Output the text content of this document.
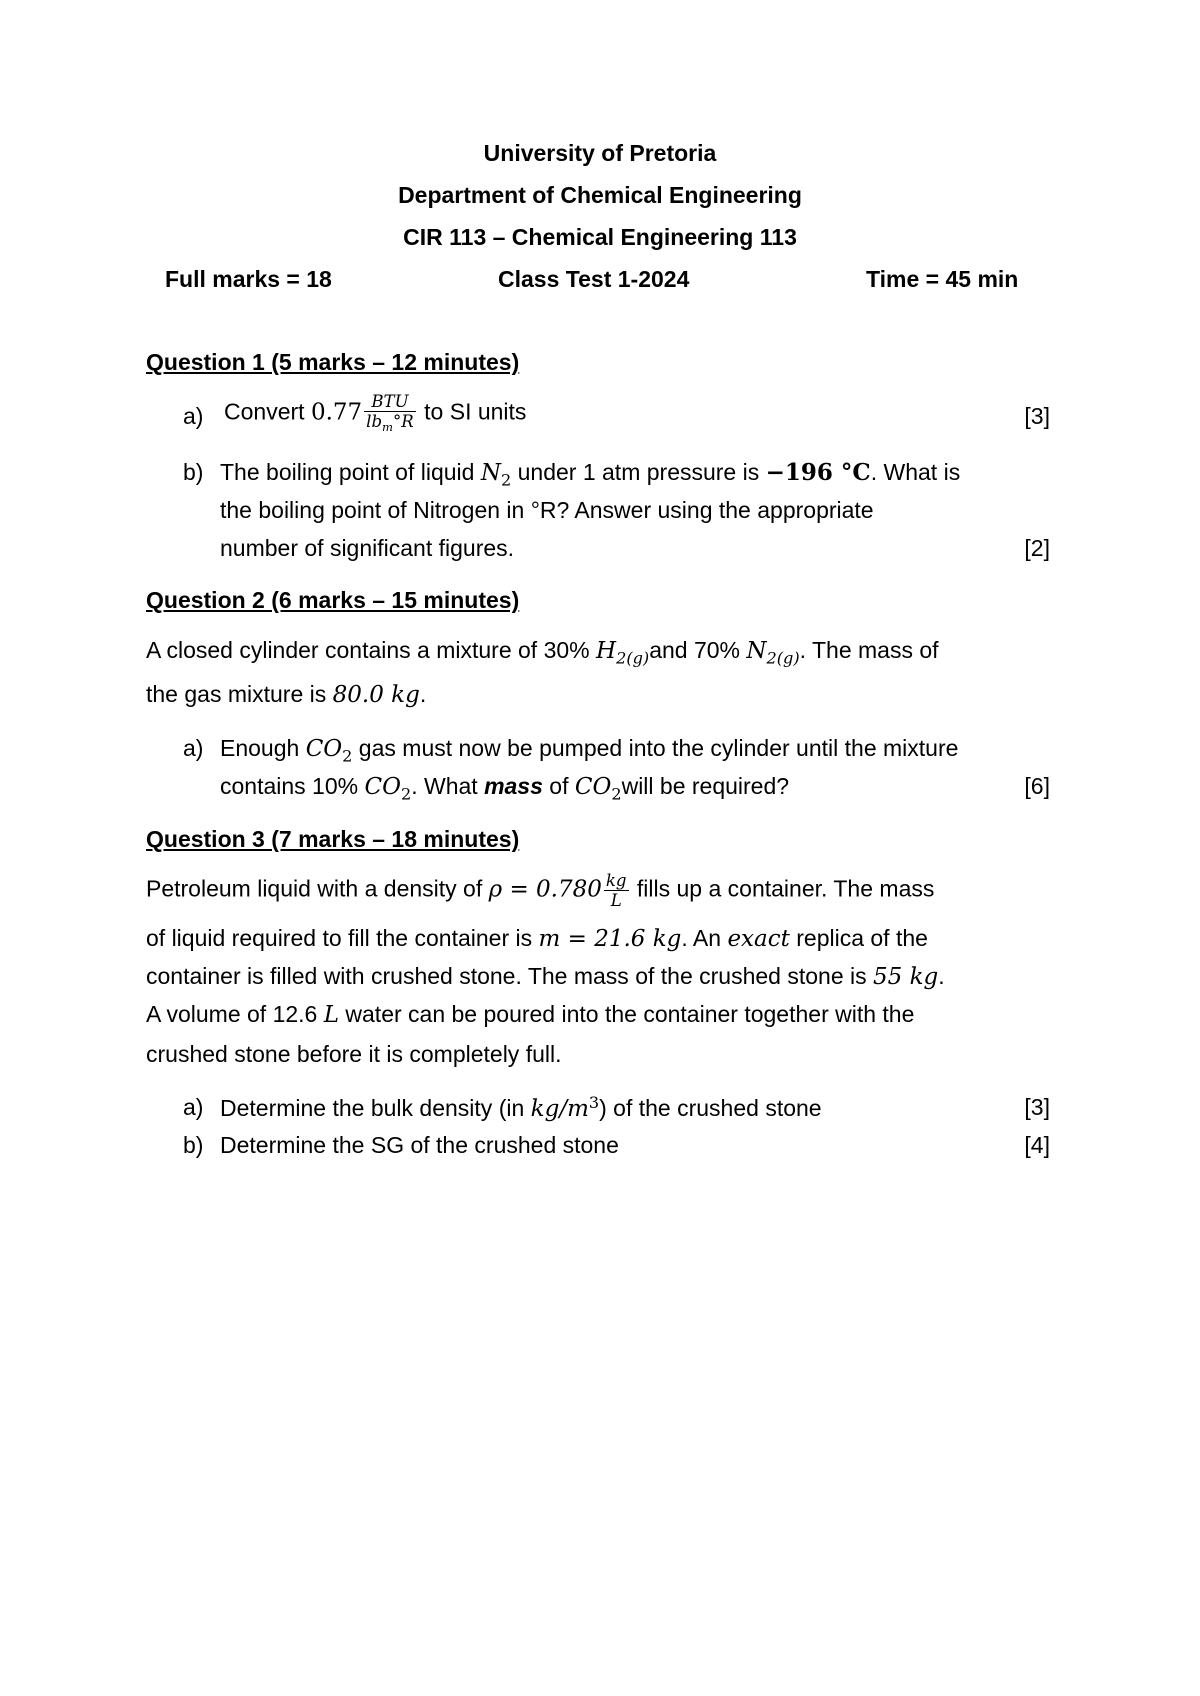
University of Pretoria
Department of Chemical Engineering
CIR 113 – Chemical Engineering 113
Full marks = 18	Class Test 1-2024	Time = 45 min
Question 1 (5 marks – 12 minutes)
a) Convert $0.77 \frac{\text{BTU}}{lb_m^\circ R}$ to SI units	[3]
b) The boiling point of liquid $N_2$ under 1 atm pressure is −196 °C. What is
the boiling point of Nitrogen in °R? Answer using the appropriate
number of significant figures.	[2]
Question 2 (6 marks – 15 minutes)
A closed cylinder contains a mixture of 30% $H_{2(g)}and$ 70% $N_{2(g)}$. The mass of
the gas mixture is 80.0 kg.
a) Enough $CO_2$ gas must now be pumped into the cylinder until the mixture
contains 10% $CO_2$. What mass of $CO_2will$ be required?	[6]
Question 3 (7 marks – 18 minutes)
Petroleum liquid with a density of $\rho = 0.780 \frac{kg}{L}$ fills up a container. The mass
of liquid required to fill the container is m = 21.6 kg. An exact replica of the
container is filled with crushed stone. The mass of the crushed stone is 55 kg.
A volume of 12.6 L water can be poured into the container together with the
crushed stone before it is completely full.
a) Determine the bulk density (in $kg/m^3$) of the crushed stone	[3]
b) Determine the SG of the crushed stone	[4]
